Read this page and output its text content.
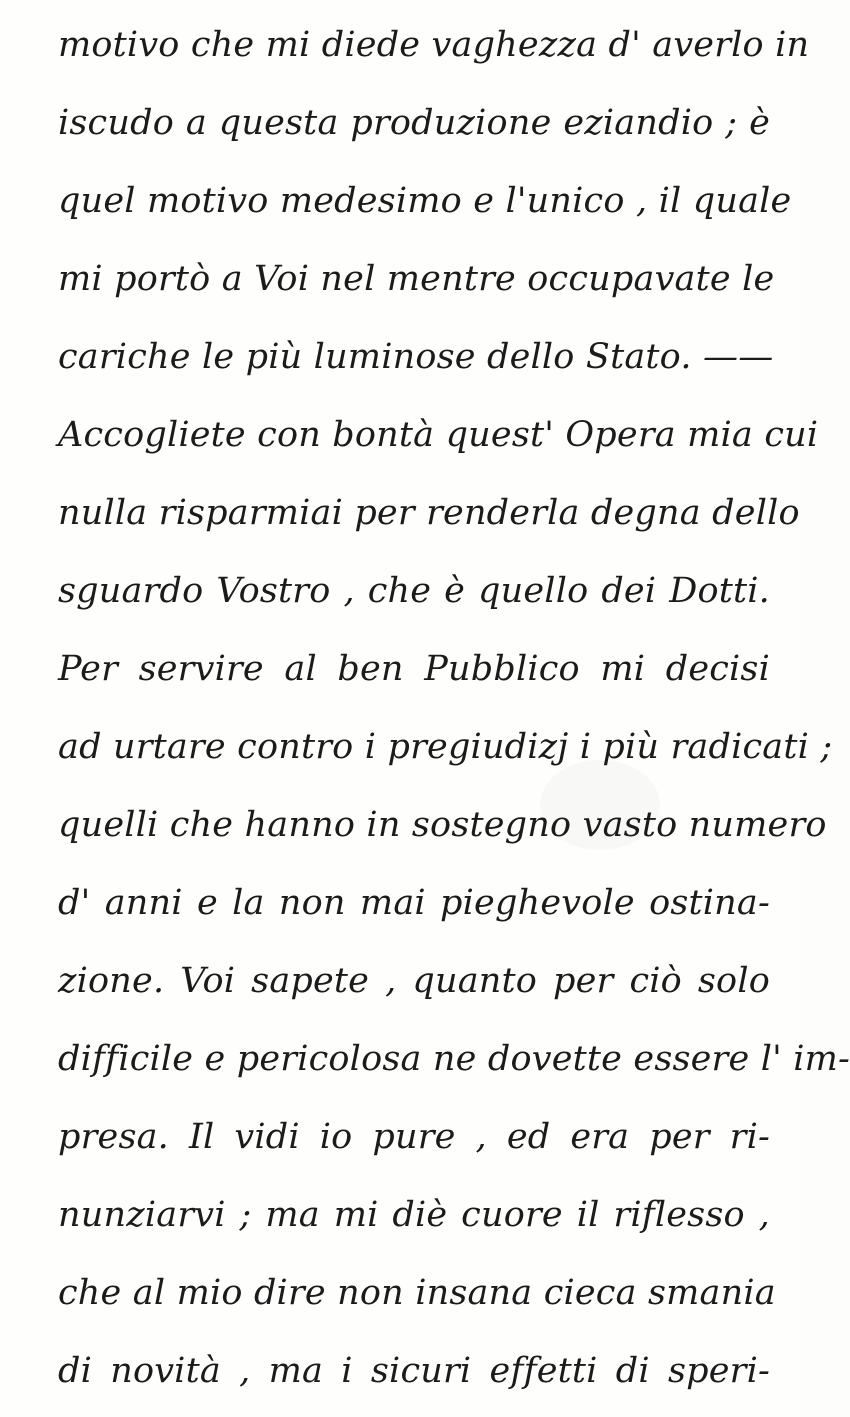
motivo che mi diede vaghezza d' averlo in
iscudo a questa produzione eziandio ; è
quel motivo medesimo e l'unico , il quale
mi portò a Voi nel mentre occupavate le
cariche le più luminose dello Stato. ——
Accogliete con bontà quest' Opera mia cui
nulla risparmiai per renderla degna dello
sguardo Vostro , che è quello dei Dotti.
Per servire al ben Pubblico mi decisi
ad urtare contro i pregiudizj i più radicati ;
quelli che hanno in sostegno vasto numero
d' anni e la non mai pieghevole ostina-
zione. Voi sapete , quanto per ciò solo
difficile e pericolosa ne dovette essere l' im-
presa. Il vidi io pure , ed era per ri-
nunziarvi ; ma mi diè cuore il riflesso ,
che al mio dire non insana cieca smania
di novità , ma i sicuri effetti di speri-
